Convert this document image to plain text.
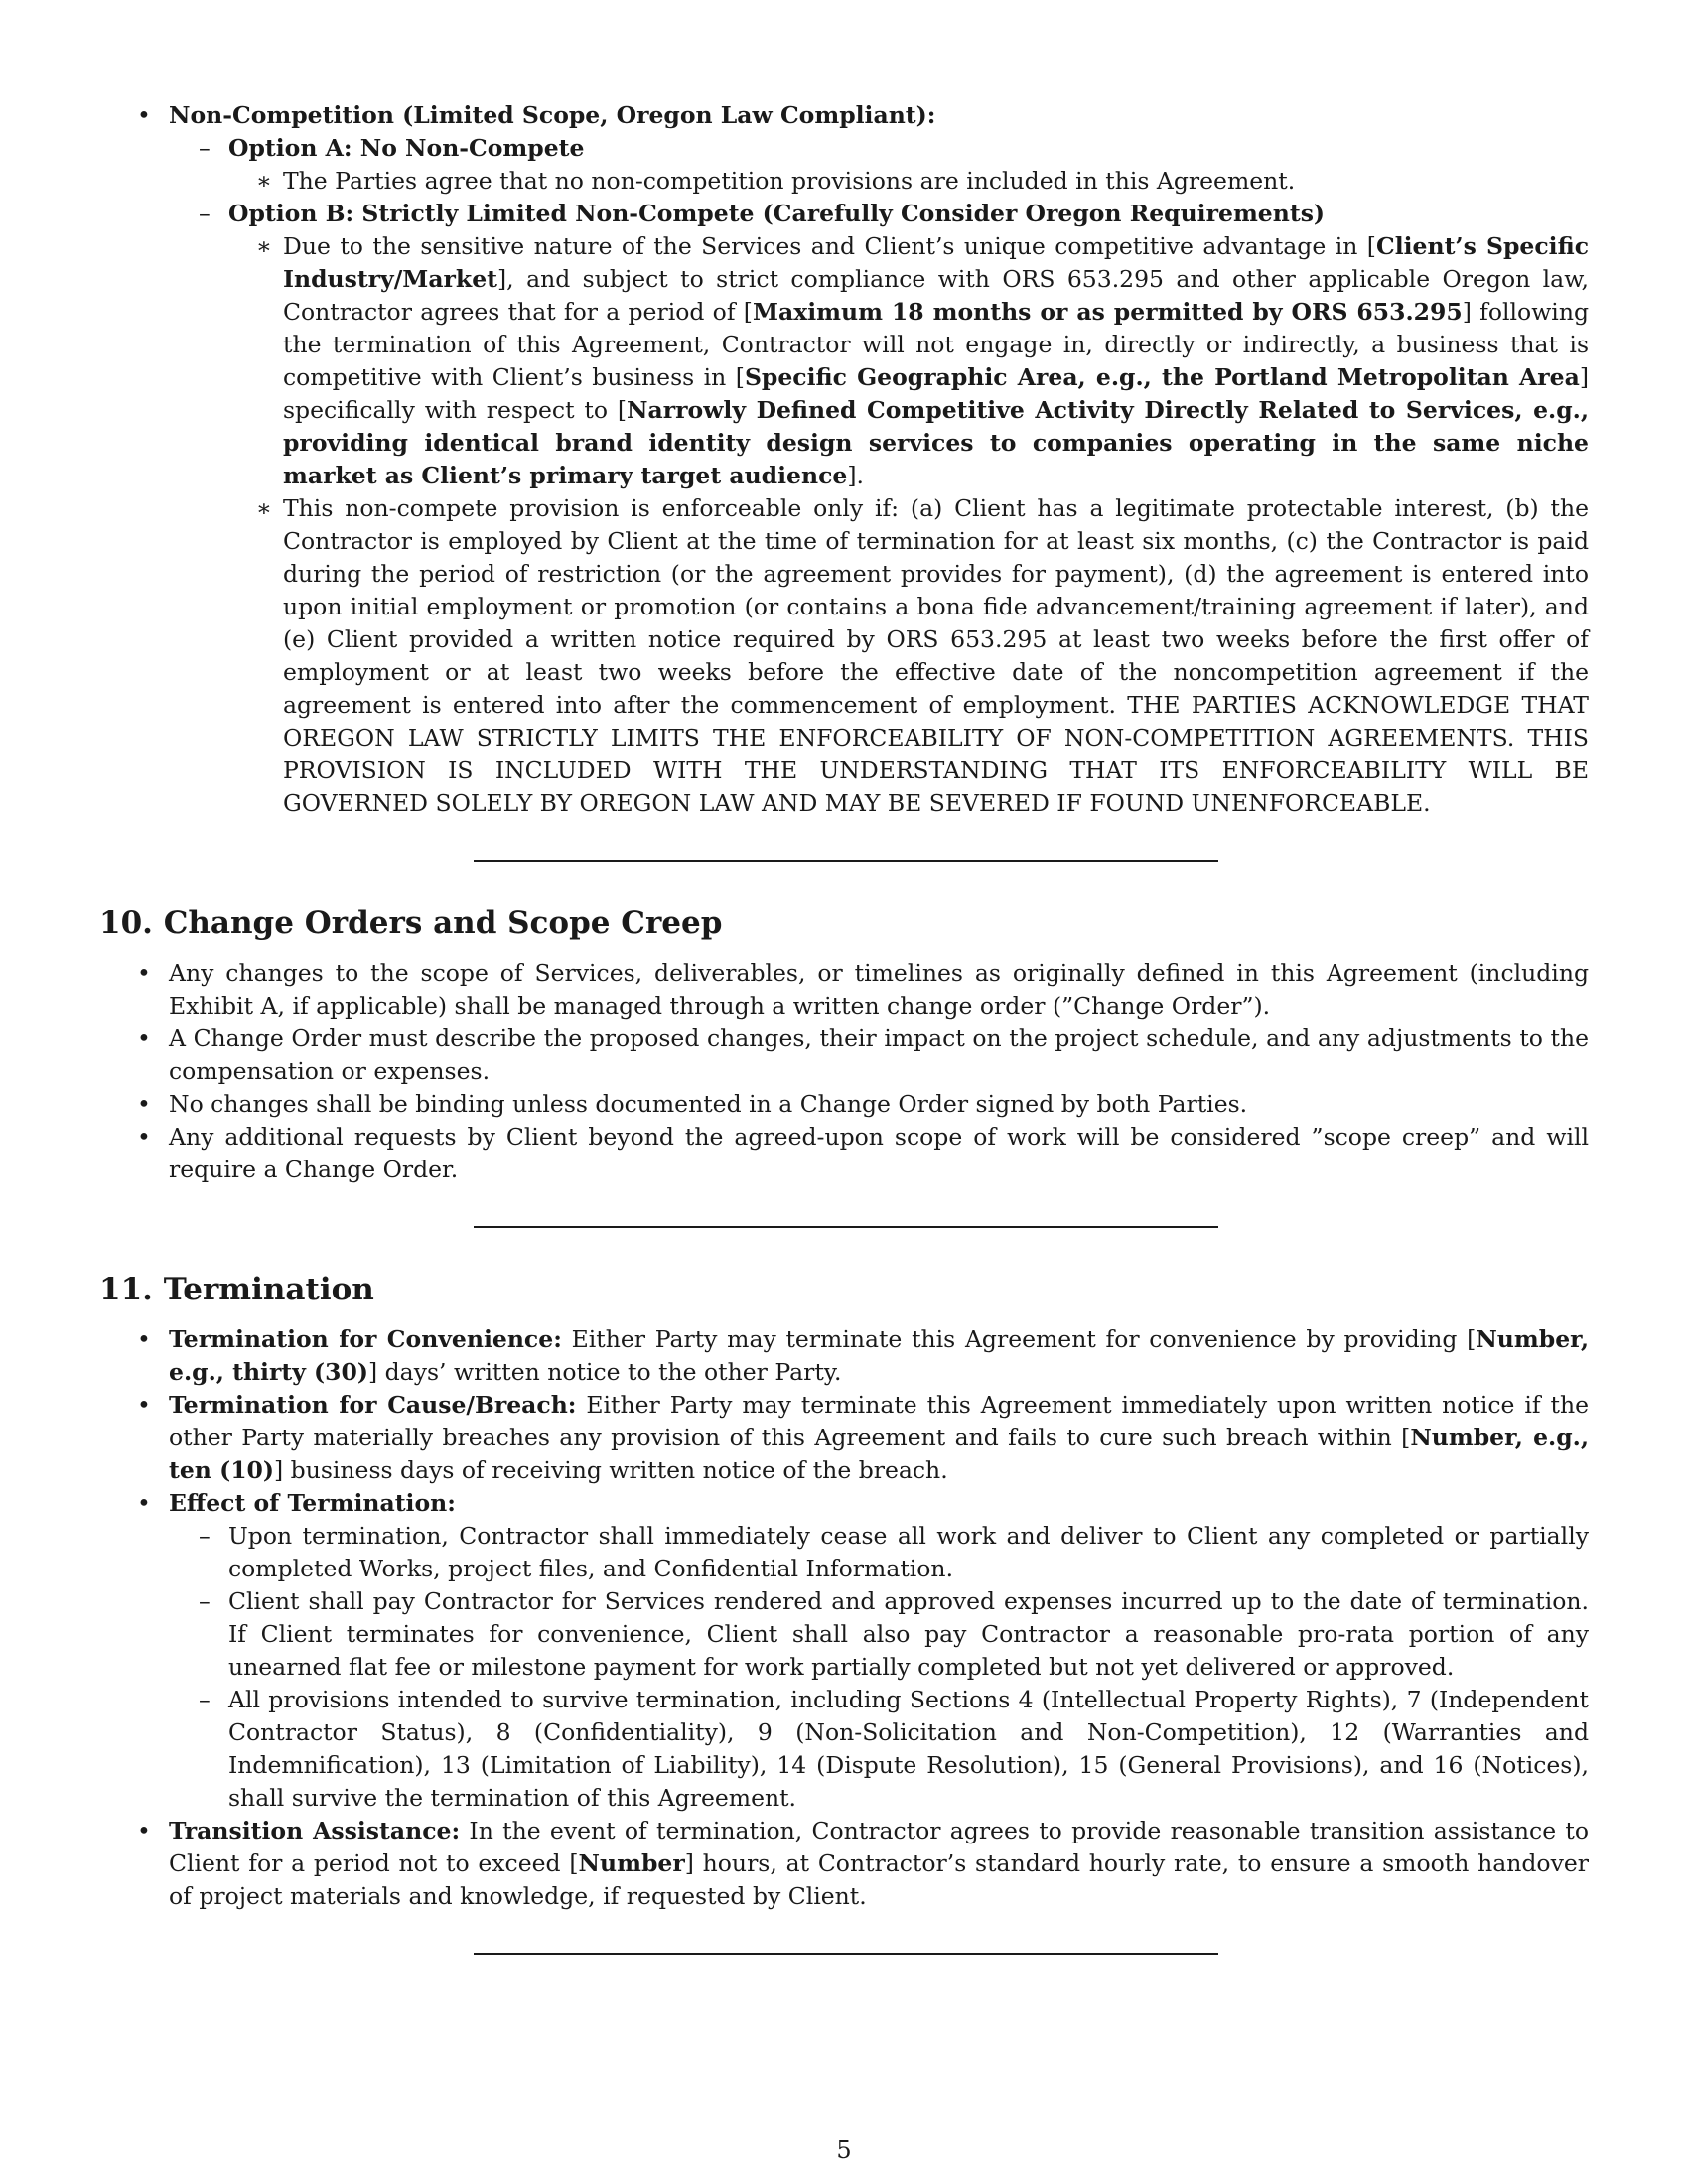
• Non-Competition (Limited Scope, Oregon Law Compliant):
– Option A: No Non-Compete
∗ The Parties agree that no non-competition provisions are included in this Agreement.
– Option B: Strictly Limited Non-Compete (Carefully Consider Oregon Requirements)
∗ Due to the sensitive nature of the Services and Client’s unique competitive advantage in [Client’s Specific Industry/Market], and subject to strict compliance with ORS 653.295 and other applicable Oregon law, Contractor agrees that for a period of [Maximum 18 months or as permitted by ORS 653.295] following the termination of this Agreement, Contractor will not engage in, directly or indirectly, a business that is competitive with Client’s business in [Specific Geographic Area, e.g., the Portland Metropolitan Area] specifically with respect to [Narrowly Defined Competitive Activity Directly Related to Services, e.g., providing identical brand identity design services to companies operating in the same niche market as Client’s primary target audience].
∗ This non-compete provision is enforceable only if: (a) Client has a legitimate protectable interest, (b) the Contractor is employed by Client at the time of termination for at least six months, (c) the Contractor is paid during the period of restriction (or the agreement provides for payment), (d) the agreement is entered into upon initial employment or promotion (or contains a bona fide advancement/training agreement if later), and (e) Client provided a written notice required by ORS 653.295 at least two weeks before the first offer of employment or at least two weeks before the effective date of the noncompetition agreement if the agreement is entered into after the commencement of employment. THE PARTIES ACKNOWLEDGE THAT OREGON LAW STRICTLY LIMITS THE ENFORCEABILITY OF NON-COMPETITION AGREEMENTS. THIS PROVISION IS INCLUDED WITH THE UNDERSTANDING THAT ITS ENFORCEABILITY WILL BE GOVERNED SOLELY BY OREGON LAW AND MAY BE SEVERED IF FOUND UNENFORCEABLE.
10. Change Orders and Scope Creep
• Any changes to the scope of Services, deliverables, or timelines as originally defined in this Agreement (including Exhibit A, if applicable) shall be managed through a written change order (”Change Order”).
• A Change Order must describe the proposed changes, their impact on the project schedule, and any adjustments to the compensation or expenses.
• No changes shall be binding unless documented in a Change Order signed by both Parties.
• Any additional requests by Client beyond the agreed-upon scope of work will be considered ”scope creep” and will require a Change Order.
11. Termination
• Termination for Convenience: Either Party may terminate this Agreement for convenience by providing [Number, e.g., thirty (30)] days’ written notice to the other Party.
• Termination for Cause/Breach: Either Party may terminate this Agreement immediately upon written notice if the other Party materially breaches any provision of this Agreement and fails to cure such breach within [Number, e.g., ten (10)] business days of receiving written notice of the breach.
• Effect of Termination:
– Upon termination, Contractor shall immediately cease all work and deliver to Client any completed or partially completed Works, project files, and Confidential Information.
– Client shall pay Contractor for Services rendered and approved expenses incurred up to the date of termination. If Client terminates for convenience, Client shall also pay Contractor a reasonable pro-rata portion of any unearned flat fee or milestone payment for work partially completed but not yet delivered or approved.
– All provisions intended to survive termination, including Sections 4 (Intellectual Property Rights), 7 (Independent Contractor Status), 8 (Confidentiality), 9 (Non-Solicitation and Non-Competition), 12 (Warranties and Indemnification), 13 (Limitation of Liability), 14 (Dispute Resolution), 15 (General Provisions), and 16 (Notices), shall survive the termination of this Agreement.
• Transition Assistance: In the event of termination, Contractor agrees to provide reasonable transition assistance to Client for a period not to exceed [Number] hours, at Contractor’s standard hourly rate, to ensure a smooth handover of project materials and knowledge, if requested by Client.
5
